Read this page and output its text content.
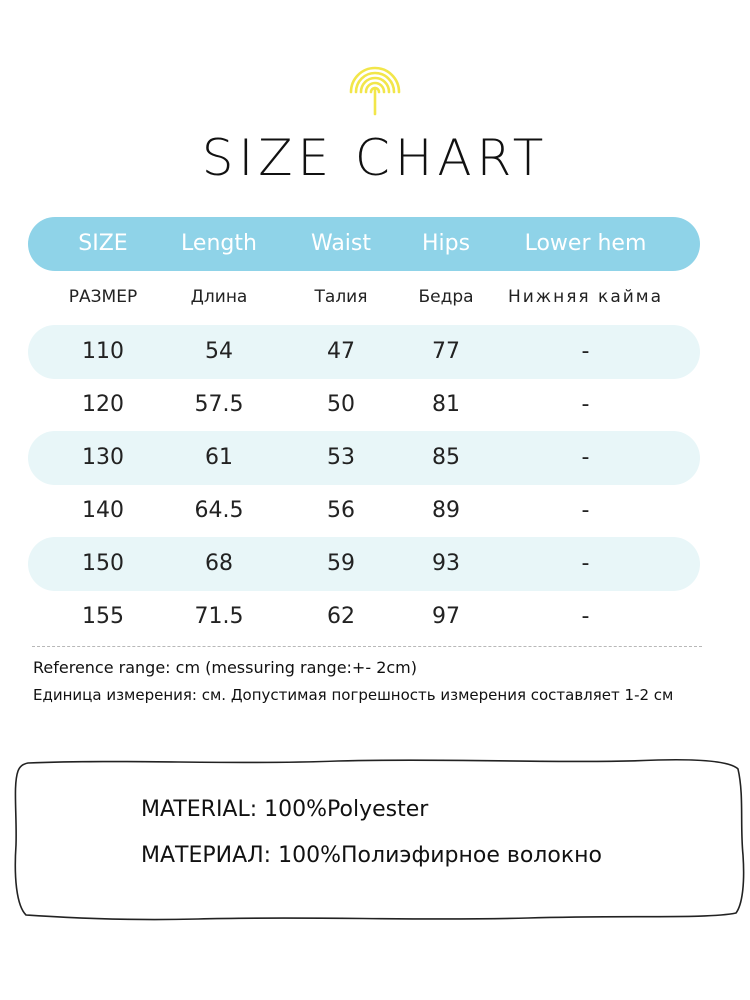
SIZE CHART
SIZE	Length	Waist	Hips	Lower hem
РАЗМЕР	Длина	Талия	Бедра	Нижняя кайма
110	54	47	77	-
120	57.5	50	81	-
130	61	53	85	-
140	64.5	56	89	-
150	68	59	93	-
155	71.5	62	97	-
Reference range: cm (messuring range:+- 2cm)
Единица измерения: см. Допустимая погрешность измерения составляет 1-2 см
MATERIAL: 100%Polyester
МАТЕРИАЛ: 100%Полиэфирное волокно
